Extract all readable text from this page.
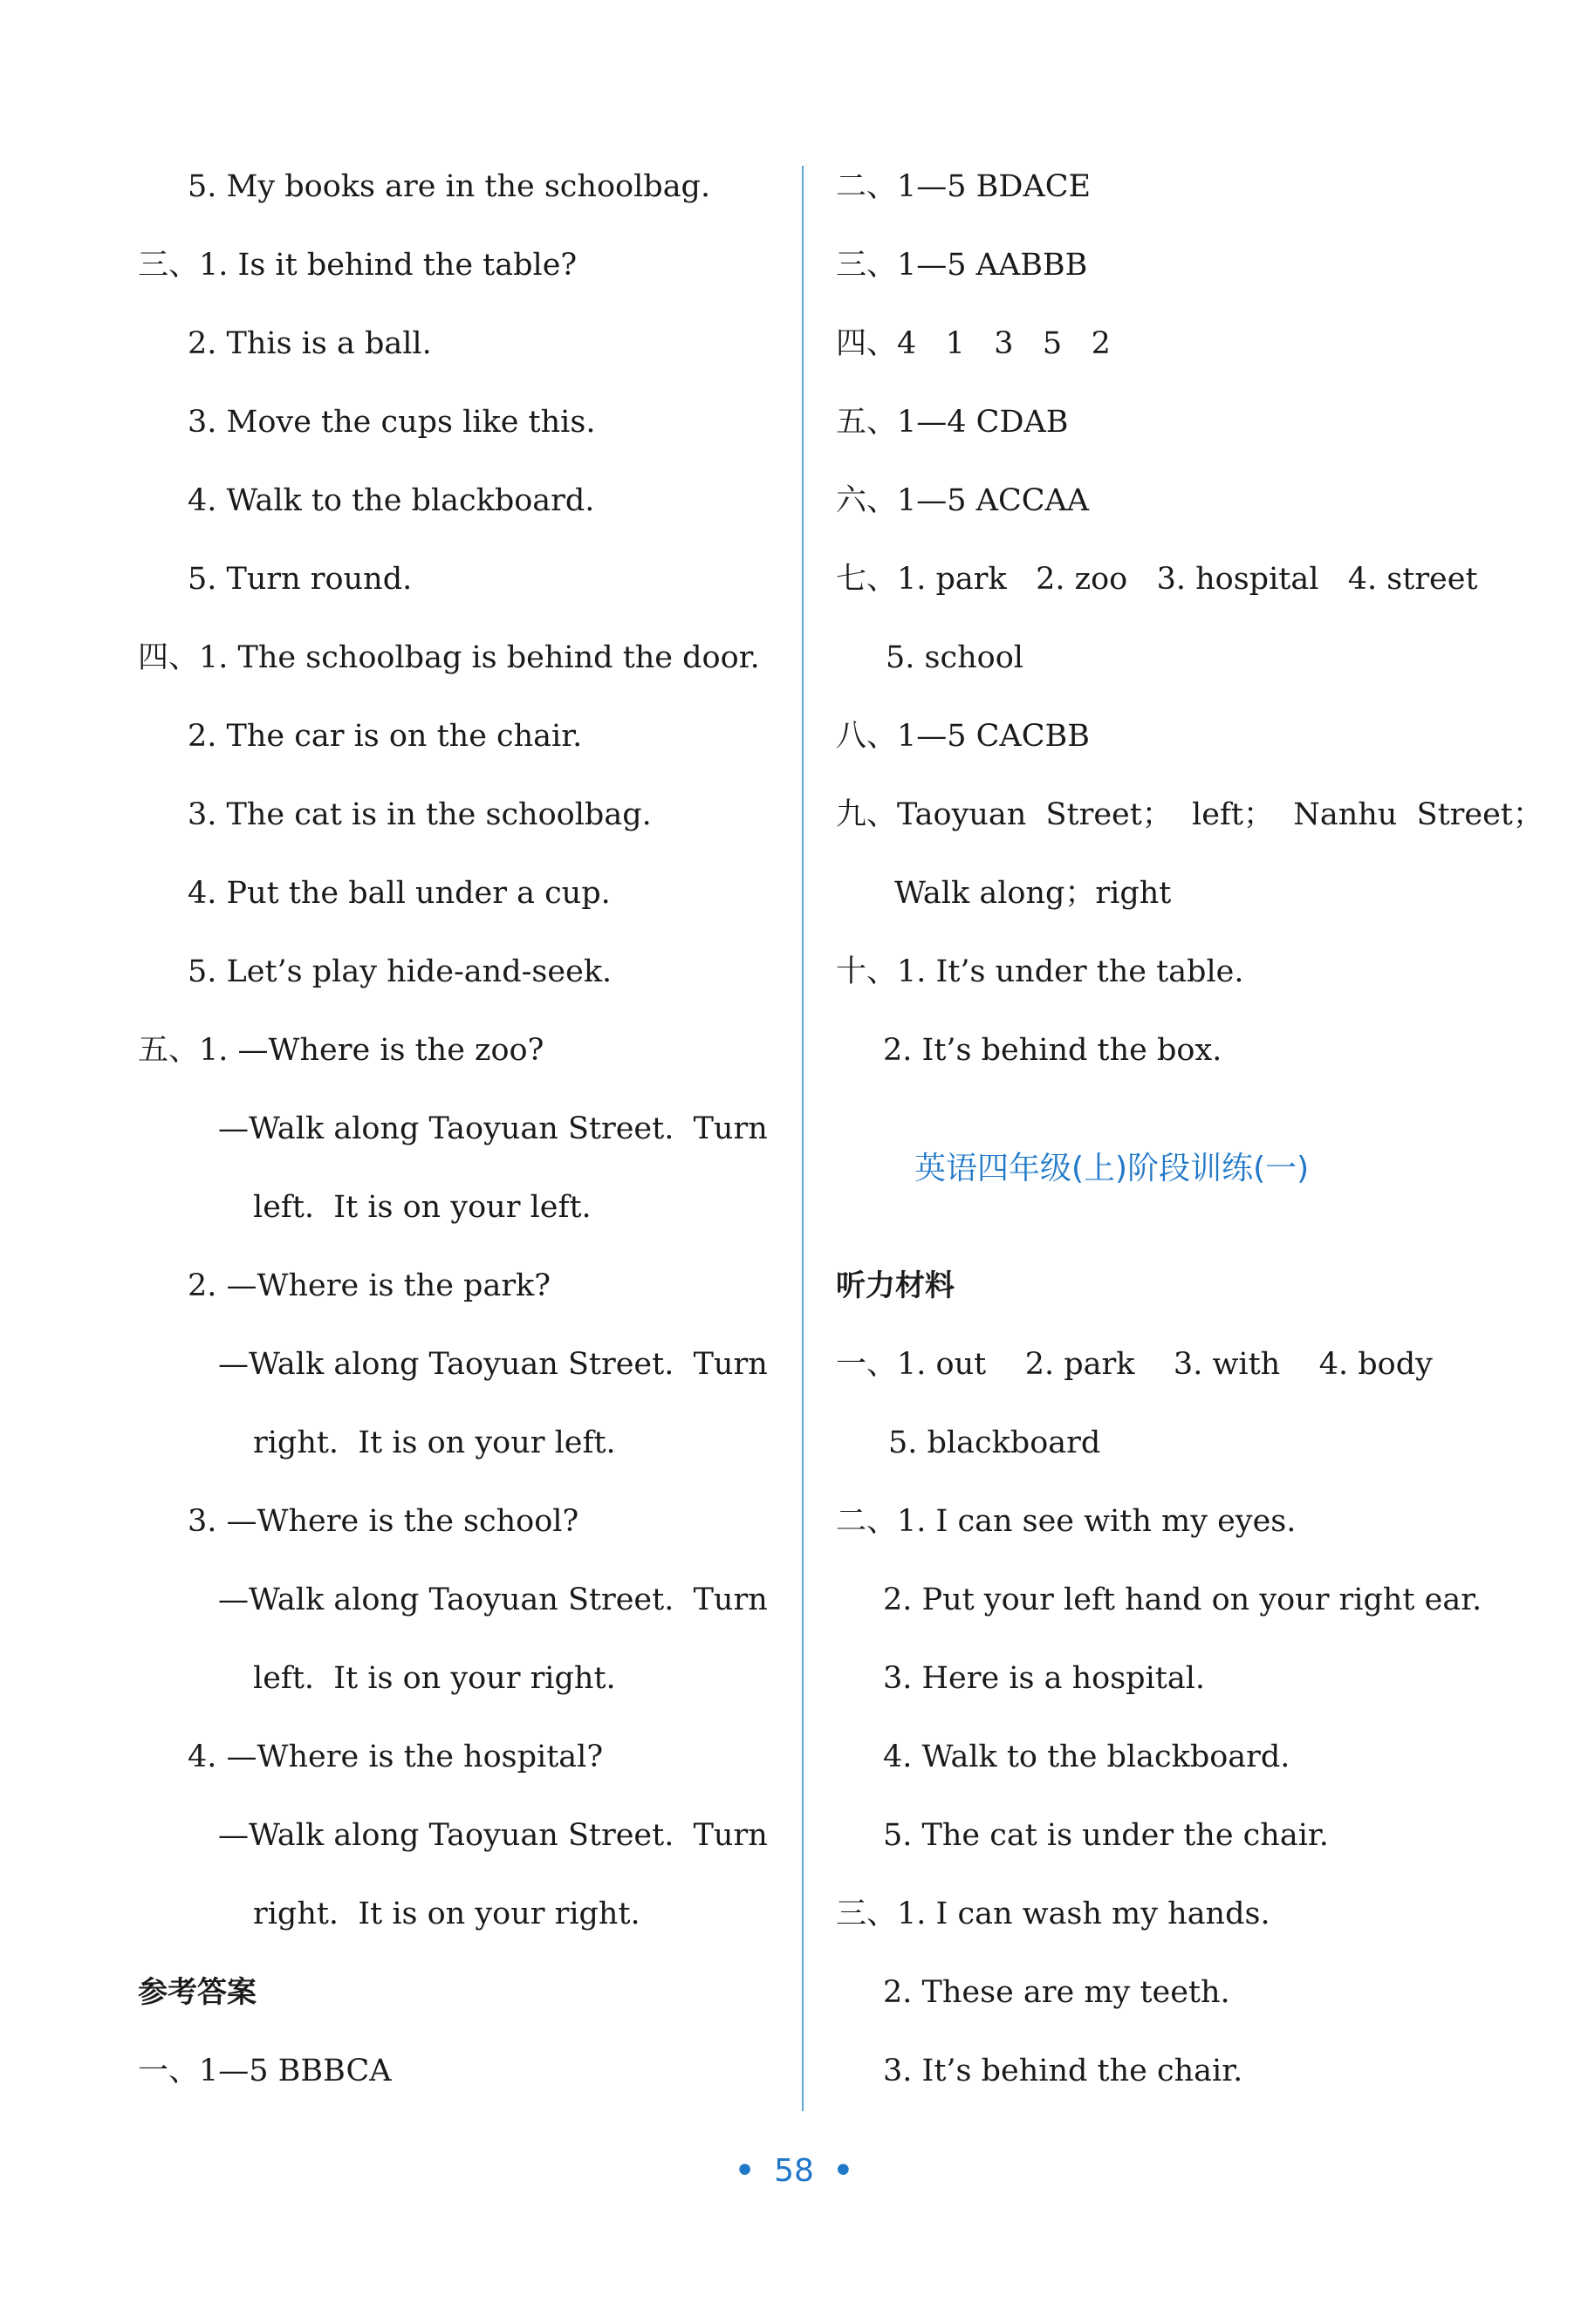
5. My books are in the schoolbag.
三、1. Is it behind the table?
2. This is a ball.
3. Move the cups like this.
4. Walk to the blackboard.
5. Turn round.
四、1. The schoolbag is behind the door.
2. The car is on the chair.
3. The cat is in the schoolbag.
4. Put the ball under a cup.
5. Let’s play hide-and-seek.
五、1. —Where is the zoo?
—Walk along Taoyuan Street.  Turn
left.  It is on your left.
2. —Where is the park?
—Walk along Taoyuan Street.  Turn
right.  It is on your left.
3. —Where is the school?
—Walk along Taoyuan Street.  Turn
left.  It is on your right.
4. —Where is the hospital?
—Walk along Taoyuan Street.  Turn
right.  It is on your right.
参考答案
一、1—5 BBBCA
二、1—5 BDACE
三、1—5 AABBB
四、4   1   3   5   2
五、1—4 CDAB
六、1—5 ACCAA
七、1. park   2. zoo   3. hospital   4. street
5. school
八、1—5 CACBB
九、Taoyuan  Street；  left；  Nanhu  Street；
Walk along；right
十、1. It’s under the table.
2. It’s behind the box.
英语四年级(上)阶段训练(一)
听力材料
一、1. out    2. park    3. with    4. body
5. blackboard
二、1. I can see with my eyes.
2. Put your left hand on your right ear.
3. Here is a hospital.
4. Walk to the blackboard.
5. The cat is under the chair.
三、1. I can wash my hands.
2. These are my teeth.
3. It’s behind the chair.
• 58 •
